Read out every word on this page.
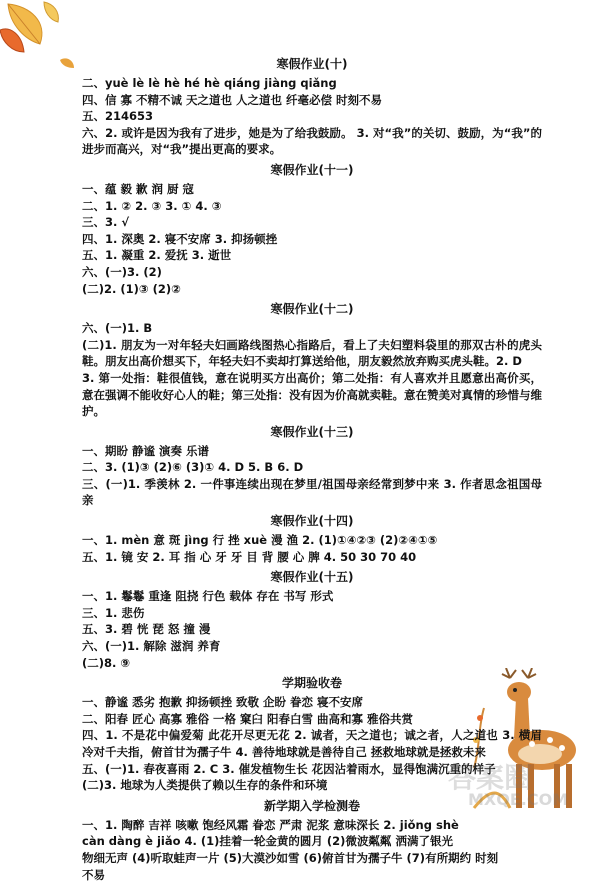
寒假作业(十)
二、yuè lè lè hè hé hè qiáng jiàng qiǎng
四、信 寡 不精不诚 天之道也 人之道也 纤毫必偿 时刻不易
五、214653
六、2. 或许是因为我有了进步，她是为了给我鼓励。 3. 对“我”的关切、鼓励，为“我”的进步而高兴，对“我”提出更高的要求。
寒假作业(十一)
一、蕴 毅 歉 润 厨 寇
二、1. ② 2. ③ 3. ① 4. ③
三、3. √
四、1. 深奥 2. 寝不安席 3. 抑扬顿挫
五、1. 凝重 2. 爱抚 3. 逝世
六、(一)3. (2)
(二)2. (1)③ (2)②
寒假作业(十二)
六、(一)1. B
(二)1. 朋友为一对年轻夫妇画路线图热心指路后，看上了夫妇塑料袋里的那双古朴的虎头鞋。朋友出高价想买下，年轻夫妇不卖却打算送给他，朋友毅然放弃购买虎头鞋。2. D
3. 第一处指：鞋很值钱，意在说明买方出高价；第二处指：有人喜欢并且愿意出高价买，意在强调不能收好心人的鞋；第三处指：没有因为价高就卖鞋。意在赞美对真情的珍惜与维护。
寒假作业(十三)
一、期盼 静谧 演奏 乐谱
二、3. (1)③ (2)⑥ (3)① 4. D 5. B 6. D
三、(一)1. 季羡林 2. 一件事连续出现在梦里/祖国母亲经常到梦中来 3. 作者思念祖国母亲
寒假作业(十四)
一、1. mèn 意 斑 jìng 行 挫 xuè 漫 渔 2. (1)①④②③ (2)②④①⑤
五、1. 镜 安 2. 耳 指 心 牙 牙 目 背 腰 心 脾 4. 50 30 70 40
寒假作业(十五)
一、1. 鬈鬈 重逢 阻挠 行色 载体 存在 书写 形式
三、1. 悲伤
五、3. 碧 恍 琵 怒 撞 漫
六、(一)1. 解除 滋润 养育
(二)8. ⑨
学期验收卷
一、静谧 悉劣 抱歉 抑扬顿挫 致敬 企盼 眷恋 寝不安席
二、阳春 匠心 高寡 雅俗 一格 窠臼 阳春白雪 曲高和寡 雅俗共赏
四、1. 不是花中偏爱菊 此花开尽更无花 2. 诚者，天之道也；诚之者，人之道也 3. 横眉冷对千夫指，俯首甘为孺子牛 4. 善待地球就是善待自己 拯救地球就是拯救未来
五、(一)1. 春夜喜雨 2. C 3. 催发植物生长 花因沾着雨水，显得饱满沉重的样子
(二)3. 地球为人类提供了赖以生存的条件和环境
新学期入学检测卷
一、1. 陶醉 吉祥 咳嗽 饱经风霜 眷恋 严肃 泥浆 意味深长 2. jiǒng shè
càn dàng è jiǎo 4. (1)挂着一轮金黄的圆月 (2)微波粼粼 洒满了银光
物细无声 (4)听取蛙声一片 (5)大漠沙如雪 (6)俯首甘为孺子牛 (7)有所期约 时刻
不易
答案圈
MXQE.COM
